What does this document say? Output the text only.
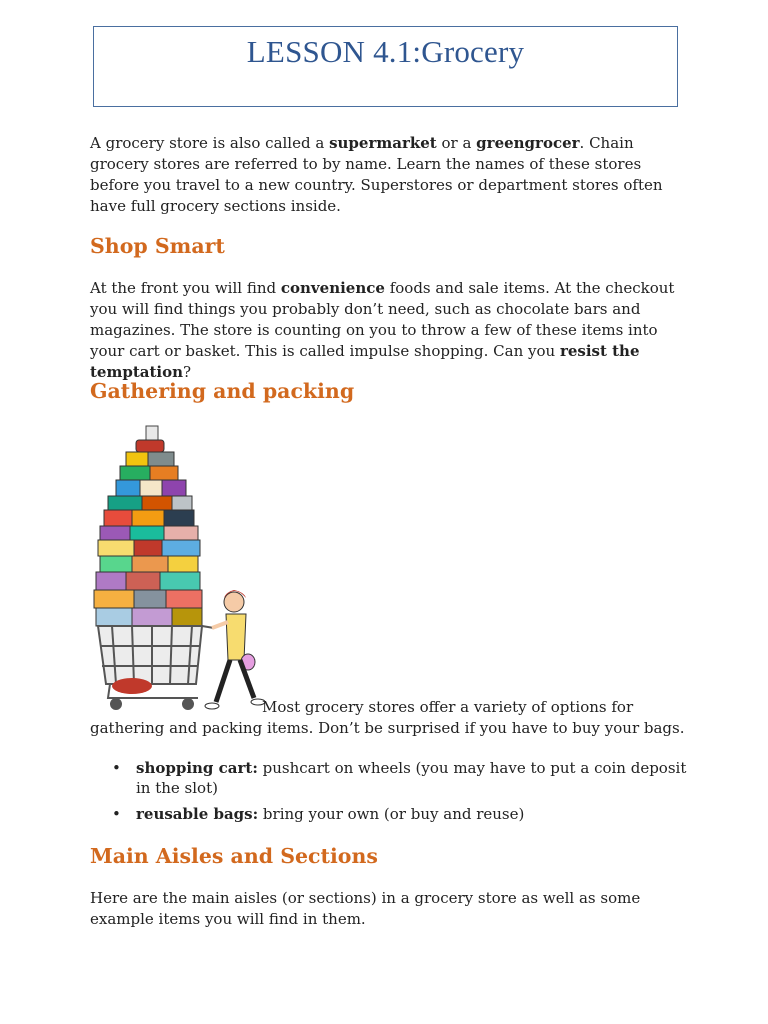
LESSON 4.1:Grocery

A grocery store is also called a supermarket or a greengrocer. Chain grocery stores are referred to by name. Learn the names of these stores before you travel to a new country. Superstores or department stores often have full grocery sections inside.

Shop Smart

At the front you will find convenience foods and sale items. At the checkout you will find things you probably don’t need, such as chocolate bars and magazines. The store is counting on you to throw a few of these items into your cart or basket. This is called impulse shopping. Can you resist the temptation?

Gathering and packing

Most grocery stores offer a variety of options for

gathering and packing items. Don’t be surprised if you have to buy your bags.

• shopping cart: pushcart on wheels (you may have to put a coin deposit in the slot)
• reusable bags: bring your own (or buy and reuse)
Main Aisles and Sections

Here are the main aisles (or sections) in a grocery store as well as some example items you will find in them.
